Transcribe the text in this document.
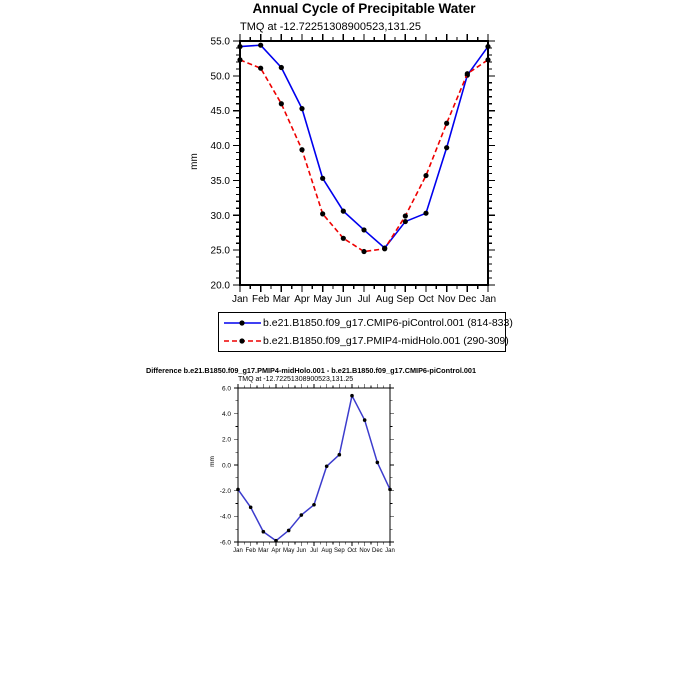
Annual Cycle of Precipitable Water
TMQ at -12.72251308900523,131.25
mm
Jan Feb Mar Apr May Jun Jul Aug Sep Oct Nov Dec Jan
20.0
25.0
30.0
35.0
40.0
45.0
50.0
55.0
Jan Feb Mar Apr May Jun Jul Aug Sep Oct Nov Dec Jan
-6.0
-4.0
-2.0
0.0
2.0
4.0
6.0
b.e21.B1850.f09_g17.CMIP6-piControl.001 (814-833)
b.e21.B1850.f09_g17.PMIP4-midHolo.001 (290-309)
Difference b.e21.B1850.f09_g17.PMIP4-midHolo.001 - b.e21.B1850.f09_g17.CMIP6-piControl.001
TMQ at -12.72251308900523,131.25
mm
